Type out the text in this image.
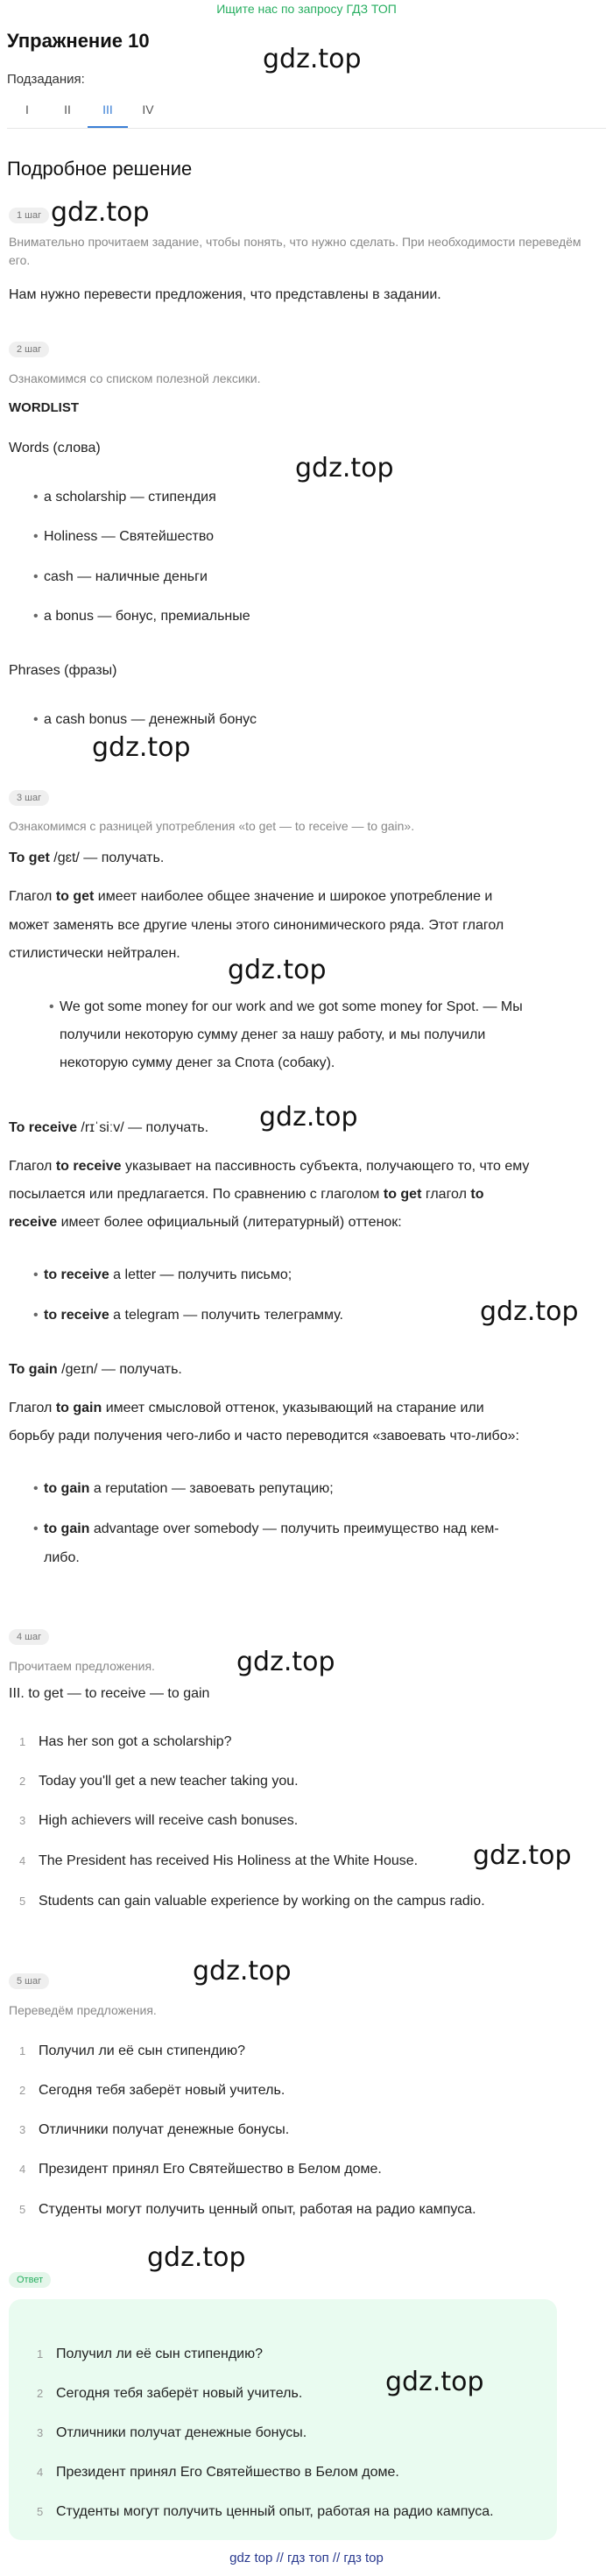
Ищите нас по запросу ГДЗ ТОП
Упражнение 10
gdz.top
Подзадания:
I	II	III	IV
Подробное решение
1 шаг gdz.top
Внимательно прочитаем задание, чтобы понять, что нужно сделать. При необходимости переведём его.
Нам нужно перевести предложения, что представлены в задании.
2 шаг
Ознакомимся со списком полезной лексики.
WORDLIST
Words (слова)
gdz.top
• a scholarship — стипендия
• Holiness — Святейшество
• cash — наличные деньги
• a bonus — бонус, премиальные
Phrases (фразы)
• a cash bonus — денежный бонус
gdz.top
3 шаг
Ознакомимся с разницей употребления «to get — to receive — to gain».
To get /ɡɛt/ — получать.
Глагол to get имеет наиболее общее значение и широкое употребление и
может заменять все другие члены этого синонимического ряда. Этот глагол
стилистически нейтрален.
gdz.top
• We got some money for our work and we got some money for Spot. — Мы
получили некоторую сумму денег за нашу работу, и мы получили
некоторую сумму денег за Спота (собаку).
To receive /rɪˈsiːv/ — получать. gdz.top
Глагол to receive указывает на пассивность субъекта, получающего то, что ему
посылается или предлагается. По сравнению с глаголом to get глагол to
receive имеет более официальный (литературный) оттенок:
• to receive a letter — получить письмо;
• to receive a telegram — получить телеграмму.	gdz.top
To gain /ɡeɪn/ — получать.
Глагол to gain имеет смысловой оттенок, указывающий на старание или
борьбу ради получения чего-либо и часто переводится «завоевать что-либо»:
• to gain a reputation — завоевать репутацию;
• to gain advantage over somebody — получить преимущество над кем-
либо.
4 шаг
gdz.top
Прочитаем предложения.
III. to get — to receive — to gain
1 Has her son got a scholarship?
2 Today you'll get a new teacher taking you.
3 High achievers will receive cash bonuses.
4 The President has received His Holiness at the White House. gdz.top
5 Students can gain valuable experience by working on the campus radio.
5 шаг	gdz.top
Переведём предложения.
1 Получил ли её сын стипендию?
2 Сегодня тебя заберёт новый учитель.
3 Отличники получат денежные бонусы.
4 Президент принял Его Святейшество в Белом доме.
5 Студенты могут получить ценный опыт, работая на радио кампуса.
gdz.top
Ответ
1 Получил ли её сын стипендию?
2 Сегодня тебя заберёт новый учитель.	gdz.top
3 Отличники получат денежные бонусы.
4 Президент принял Его Святейшество в Белом доме.
5 Студенты могут получить ценный опыт, работая на радио кампуса.
gdz top // гдз топ // гдз top
